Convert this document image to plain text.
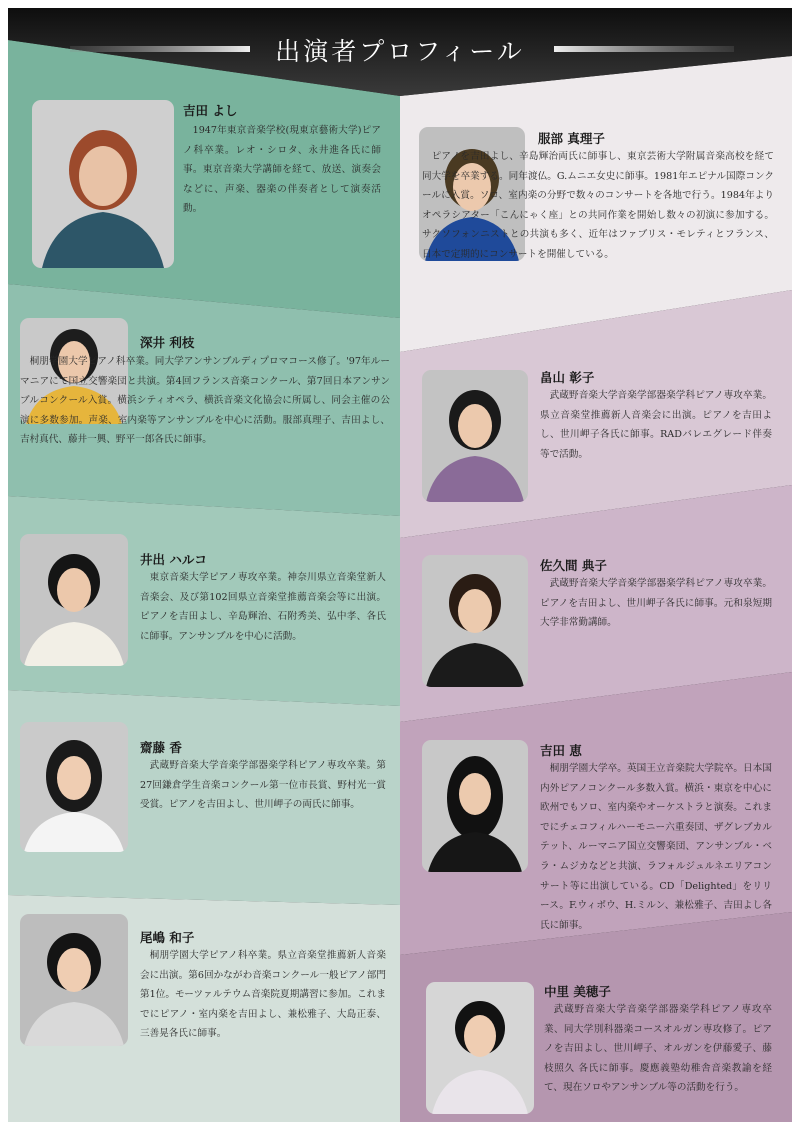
出演者プロフィール
吉田 よし
1947年東京音楽学校(現東京藝術大学)ピアノ科卒業。レオ・シロタ、永井進各氏に師事。東京音楽大学講師を経て、放送、演奏会などに、声楽、器楽の伴奏者として演奏活動。
服部 真理子
ピアノを吉田よし、辛島輝治両氏に師事し、東京芸術大学附属音楽高校を経て同大学を卒業する。同年渡仏。G.ムニエ女史に師事。1981年エピナル国際コンクールに入賞。ソロ、室内楽の分野で数々のコンサートを各地で行う。1984年よりオペラシアター「こんにゃく座」との共同作業を開始し数々の初演に参加する。サクソフォンニストとの共演も多く、近年はファブリス・モレティとフランス、日本で定期的にコンサートを開催している。
深井 利枝
桐朋学園大学ピアノ科卒業。同大学アンサンブルディプロマコース修了。'97年ルーマニアにて国立交響楽団と共演。第4回フランス音楽コンクール、第7回日本アンサンブルコンクール入賞。横浜シティオペラ、横浜音楽文化協会に所属し、同会主催の公演に多数参加。声楽、室内楽等アンサンブルを中心に活動。服部真理子、吉田よし、吉村真代、藤井一興、野平一郎各氏に師事。
畠山 彰子
武蔵野音楽大学音楽学部器楽学科ピアノ専攻卒業。県立音楽堂推薦新人音楽会に出演。ピアノを吉田よし、世川岬子各氏に師事。RADバレエグレード伴奏等で活動。
井出 ハルコ
東京音楽大学ピアノ専攻卒業。神奈川県立音楽堂新人音楽会、及び第102回県立音楽堂推薦音楽会等に出演。ピアノを吉田よし、辛島輝治、石附秀美、弘中孝、各氏に師事。アンサンブルを中心に活動。
佐久間 典子
武蔵野音楽大学音楽学部器楽学科ピアノ専攻卒業。ピアノを吉田よし、世川岬子各氏に師事。元和泉短期大学非常勤講師。
齋藤 香
武蔵野音楽大学音楽学部器楽学科ピアノ専攻卒業。第27回鎌倉学生音楽コンクール第一位市長賞、野村光一賞受賞。ピアノを吉田よし、世川岬子の両氏に師事。
吉田 恵
桐朋学園大学卒。英国王立音楽院大学院卒。日本国内外ピアノコンクール多数入賞。横浜・東京を中心に欧州でもソロ、室内楽やオーケストラと演奏。これまでにチェコフィルハーモニー六重奏団、ザグレブカルテット、ルーマニア国立交響楽団、アンサンブル・ベラ・ムジカなどと共演、ラフォルジュルネエリアコンサート等に出演している。CD「Delighted」をリリース。F.ウィボウ、H.ミルン、兼松雅子、吉田よし各氏に師事。
尾嶋 和子
桐朋学園大学ピアノ科卒業。県立音楽堂推薦新人音楽会に出演。第6回かながわ音楽コンクール一般ピアノ部門第1位。モーツァルテウム音楽院夏期講習に参加。これまでにピアノ・室内楽を吉田よし、兼松雅子、大島正泰、三善晃各氏に師事。
中里 美穂子
武蔵野音楽大学音楽学部器楽学科ピアノ専攻卒業、同大学別科器楽コースオルガン専攻修了。ピアノを吉田よし、世川岬子、オルガンを伊藤愛子、藤枝照久 各氏に師事。慶應義塾幼稚舎音楽教諭を経て、現在ソロやアンサンブル等の活動を行う。
